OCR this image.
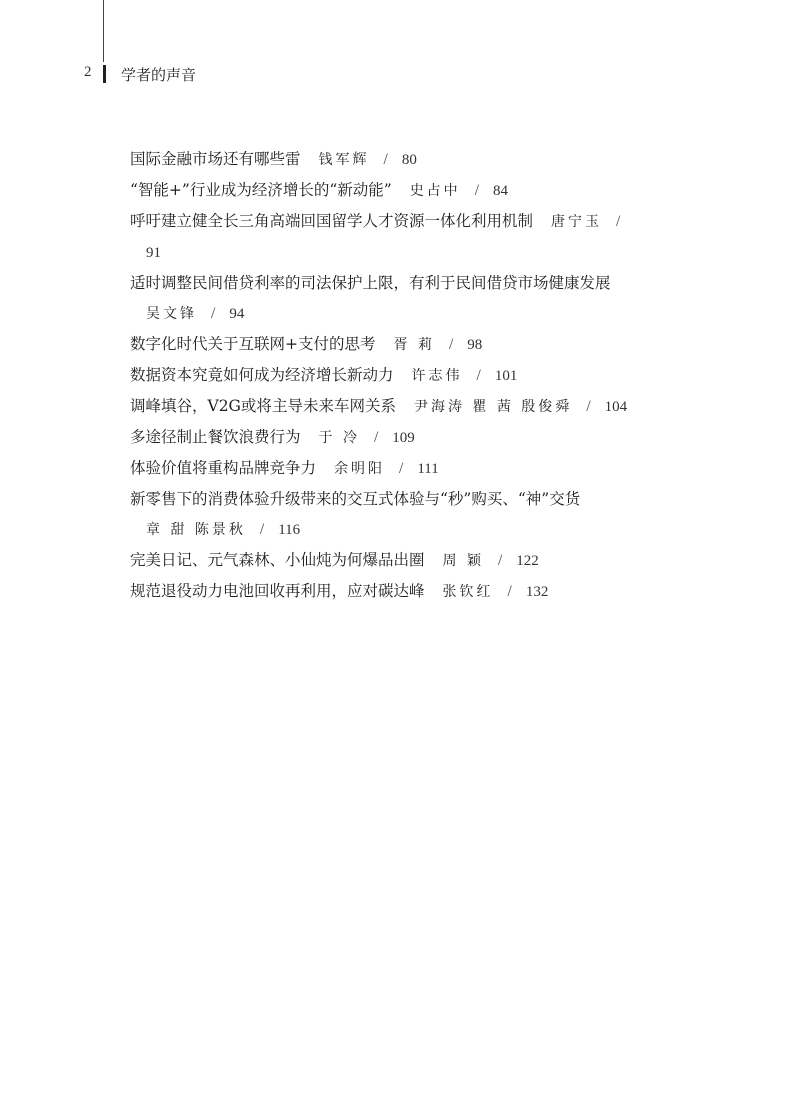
2 学者的声音
国际金融市场还有哪些雷 钱军辉 / 80
“智能+”行业成为经济增长的“新动能” 史占中 / 84
呼吁建立健全长三角高端回国留学人才资源一体化利用机制 唐宁玉 /
91
适时调整民间借贷利率的司法保护上限，有利于民间借贷市场健康发展
吴文锋 / 94
数字化时代关于互联网+支付的思考 胥 莉 / 98
数据资本究竟如何成为经济增长新动力 许志伟 / 101
调峰填谷，V2G或将主导未来车网关系 尹海涛 瞿 茜 殷俊舜 / 104
多途径制止餐饮浪费行为 于 冷 / 109
体验价值将重构品牌竞争力 余明阳 / 111
新零售下的消费体验升级带来的交互式体验与“秒”购买、“神”交货
章 甜 陈景秋 / 116
完美日记、元气森林、小仙炖为何爆品出圈 周 颖 / 122
规范退役动力电池回收再利用，应对碳达峰 张钦红 / 132
